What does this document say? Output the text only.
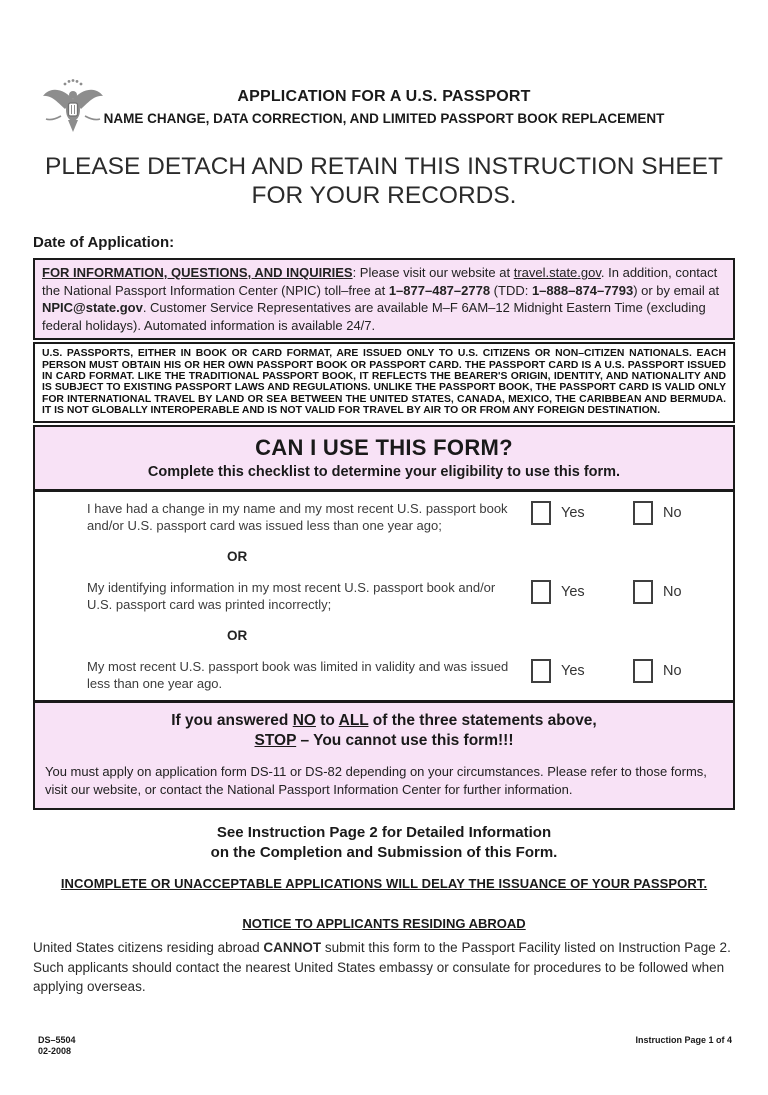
APPLICATION FOR A U.S. PASSPORT
NAME CHANGE, DATA CORRECTION, AND LIMITED PASSPORT BOOK REPLACEMENT
PLEASE DETACH AND RETAIN THIS INSTRUCTION SHEET
FOR YOUR RECORDS.
Date of Application:
FOR INFORMATION, QUESTIONS, AND INQUIRIES: Please visit our website at travel.state.gov. In addition, contact the National Passport Information Center (NPIC) toll–free at 1–877–487–2778 (TDD: 1–888–874–7793) or by email at NPIC@state.gov. Customer Service Representatives are available M–F 6AM–12 Midnight Eastern Time (excluding federal holidays). Automated information is available 24/7.
U.S. PASSPORTS, EITHER IN BOOK OR CARD FORMAT, ARE ISSUED ONLY TO U.S. CITIZENS OR NON–CITIZEN NATIONALS. EACH PERSON MUST OBTAIN HIS OR HER OWN PASSPORT BOOK OR PASSPORT CARD. THE PASSPORT CARD IS A U.S. PASSPORT ISSUED IN CARD FORMAT. LIKE THE TRADITIONAL PASSPORT BOOK, IT REFLECTS THE BEARER'S ORIGIN, IDENTITY, AND NATIONALITY AND IS SUBJECT TO EXISTING PASSPORT LAWS AND REGULATIONS. UNLIKE THE PASSPORT BOOK, THE PASSPORT CARD IS VALID ONLY FOR INTERNATIONAL TRAVEL BY LAND OR SEA BETWEEN THE UNITED STATES, CANADA, MEXICO, THE CARIBBEAN AND BERMUDA. IT IS NOT GLOBALLY INTEROPERABLE AND IS NOT VALID FOR TRAVEL BY AIR TO OR FROM ANY FOREIGN DESTINATION.
CAN I USE THIS FORM?
Complete this checklist to determine your eligibility to use this form.
I have had a change in my name and my most recent U.S. passport book and/or U.S. passport card was issued less than one year ago;
Yes	No
OR
My identifying information in my most recent U.S. passport book and/or U.S. passport card was printed incorrectly;
Yes	No
OR
My most recent U.S. passport book was limited in validity and was issued less than one year ago.
Yes	No
If you answered NO to ALL of the three statements above,
STOP – You cannot use this form!!!
You must apply on application form DS-11 or DS-82 depending on your circumstances. Please refer to those forms, visit our website, or contact the National Passport Information Center for further information.
See Instruction Page 2 for Detailed Information
on the Completion and Submission of this Form.
INCOMPLETE OR UNACCEPTABLE APPLICATIONS WILL DELAY THE ISSUANCE OF YOUR PASSPORT.
NOTICE TO APPLICANTS RESIDING ABROAD
United States citizens residing abroad CANNOT submit this form to the Passport Facility listed on Instruction Page 2. Such applicants should contact the nearest United States embassy or consulate for procedures to be followed when applying overseas.
DS–5504
02-2008
Instruction Page 1 of 4
